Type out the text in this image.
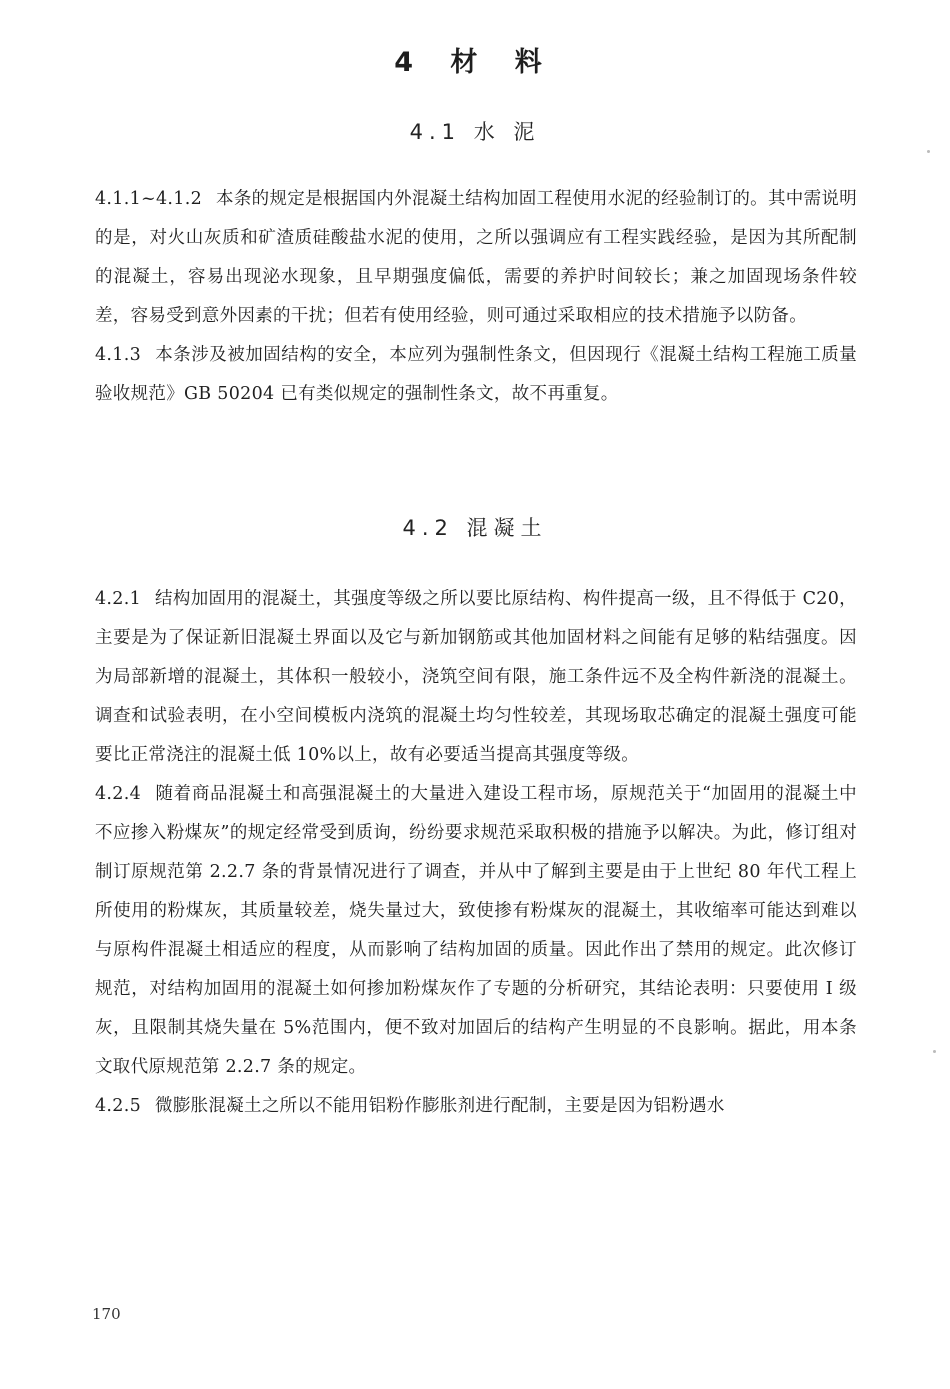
4 材 料
4.1 水 泥

4.1.1~4.1.2 本条的规定是根据国内外混凝土结构加固工程使用水泥的经验制订的。其中需说明的是，对火山灰质和矿渣质硅酸盐水泥的使用，之所以强调应有工程实践经验，是因为其所配制的混凝土，容易出现泌水现象，且早期强度偏低，需要的养护时间较长；兼之加固现场条件较差，容易受到意外因素的干扰；但若有使用经验，则可通过采取相应的技术措施予以防备。

4.1.3 本条涉及被加固结构的安全，本应列为强制性条文，但因现行《混凝土结构工程施工质量验收规范》GB 50204 已有类似规定的强制性条文，故不再重复。

4.2 混凝土

4.2.1 结构加固用的混凝土，其强度等级之所以要比原结构、构件提高一级，且不得低于 C20，主要是为了保证新旧混凝土界面以及它与新加钢筋或其他加固材料之间能有足够的粘结强度。因为局部新增的混凝土，其体积一般较小，浇筑空间有限，施工条件远不及全构件新浇的混凝土。调查和试验表明，在小空间模板内浇筑的混凝土均匀性较差，其现场取芯确定的混凝土强度可能要比正常浇注的混凝土低 10%以上，故有必要适当提高其强度等级。

4.2.4 随着商品混凝土和高强混凝土的大量进入建设工程市场，原规范关于“加固用的混凝土中不应掺入粉煤灰”的规定经常受到质询，纷纷要求规范采取积极的措施予以解决。为此，修订组对制订原规范第 2.2.7 条的背景情况进行了调查，并从中了解到主要是由于上世纪 80 年代工程上所使用的粉煤灰，其质量较差，烧失量过大，致使掺有粉煤灰的混凝土，其收缩率可能达到难以与原构件混凝土相适应的程度，从而影响了结构加固的质量。因此作出了禁用的规定。此次修订规范，对结构加固用的混凝土如何掺加粉煤灰作了专题的分析研究，其结论表明：只要使用 I 级灰，且限制其烧失量在 5%范围内，便不致对加固后的结构产生明显的不良影响。据此，用本条文取代原规范第 2.2.7 条的规定。

4.2.5 微膨胀混凝土之所以不能用铝粉作膨胀剂进行配制，主要是因为铝粉遇水

170
